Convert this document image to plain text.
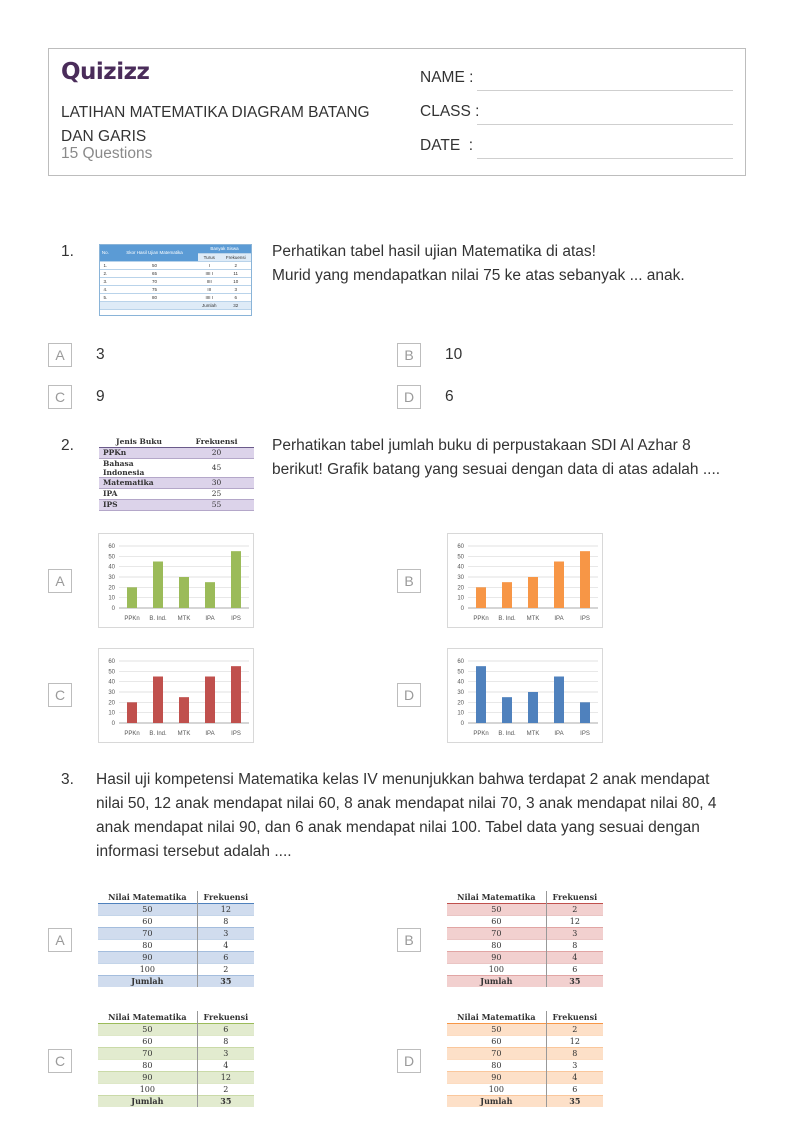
Quizizz
LATIHAN MATEMATIKA DIAGRAM BATANG DAN GARIS
15 Questions
NAME :
CLASS :
DATE  :
1.	No.	Skor Hasil Ujian Matematika	Banyak Siswa	
		Turus	Frekuensi
1.	50	I	2
2.	65	IIII I	11
3.	70	IIII	10
4.	75	III	3
5.	80	IIII I	6
		Jumlah	32
Perhatikan tabel hasil ujian Matematika di atas!
Murid yang mendapatkan nilai 75 ke atas sebanyak ... anak.
A	3	B	10
C	9	D	6
2.	Jenis Buku	Frekuensi
PPKn	20
Bahasa Indonesia	45
Matematika	30
IPA	25
IPS	55
Perhatikan tabel jumlah buku di perpustakaan SDI Al Azhar 8 berikut! Grafik batang yang sesuai dengan data di atas adalah ....
A
0
10
20
30
40
50
60
PPKn B. Ind. MTK	IPA	IPS
B
0
10
20
30
40
50
60
PPKn B. Ind. MTK	IPA	IPS
C
0
10
20
30
40
50
60
PPKn B. Ind. MTK	IPA	IPS
D
0
10
20
30
40
50
60
PPKn B. Ind. MTK	IPA	IPS
3. Hasil uji kompetensi Matematika kelas IV menunjukkan bahwa terdapat 2 anak mendapat nilai 50, 12 anak mendapat nilai 60, 8 anak mendapat nilai 70, 3 anak mendapat nilai 80, 4 anak mendapat nilai 90, dan 6 anak mendapat nilai 100. Tabel data yang sesuai dengan informasi tersebut adalah ....
A
Nilai Matematika	Frekuensi
50	12
60	8
70	3
80	4
90	6
100	2
Jumlah	35
B
Nilai Matematika	Frekuensi
50	2
60	12
70	3
80	8
90	4
100	6
Jumlah	35
C
Nilai Matematika	Frekuensi
50	6
60	8
70	3
80	4
90	12
100	2
Jumlah	35
D
Nilai Matematika	Frekuensi
50	2
60	12
70	8
80	3
90	4
100	6
Jumlah	35
